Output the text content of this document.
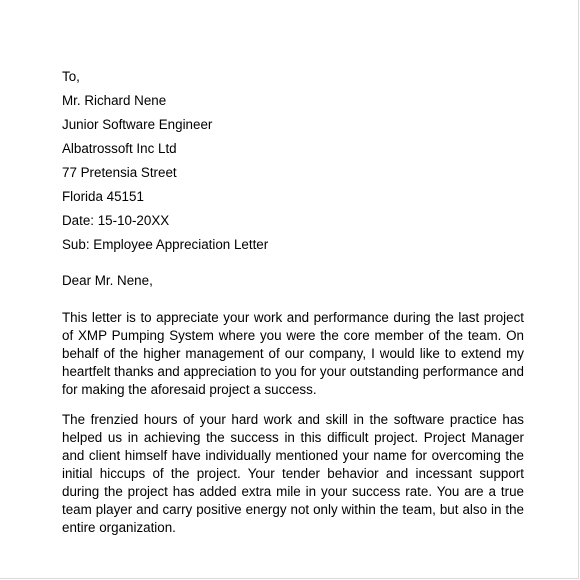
To,
Mr. Richard Nene
Junior Software Engineer
Albatrossoft Inc Ltd
77 Pretensia Street
Florida 45151
Date: 15-10-20XX
Sub: Employee Appreciation Letter
Dear Mr. Nene,

This letter is to appreciate your work and performance during the last project of XMP Pumping System where you were the core member of the team. On behalf of the higher management of our company, I would like to extend my heartfelt thanks and appreciation to you for your outstanding performance and for making the aforesaid project a success.

The frenzied hours of your hard work and skill in the software practice has helped us in achieving the success in this difficult project. Project Manager and client himself have individually mentioned your name for overcoming the initial hiccups of the project. Your tender behavior and incessant support during the project has added extra mile in your success rate. You are a true team player and carry positive energy not only within the team, but also in the entire organization.
